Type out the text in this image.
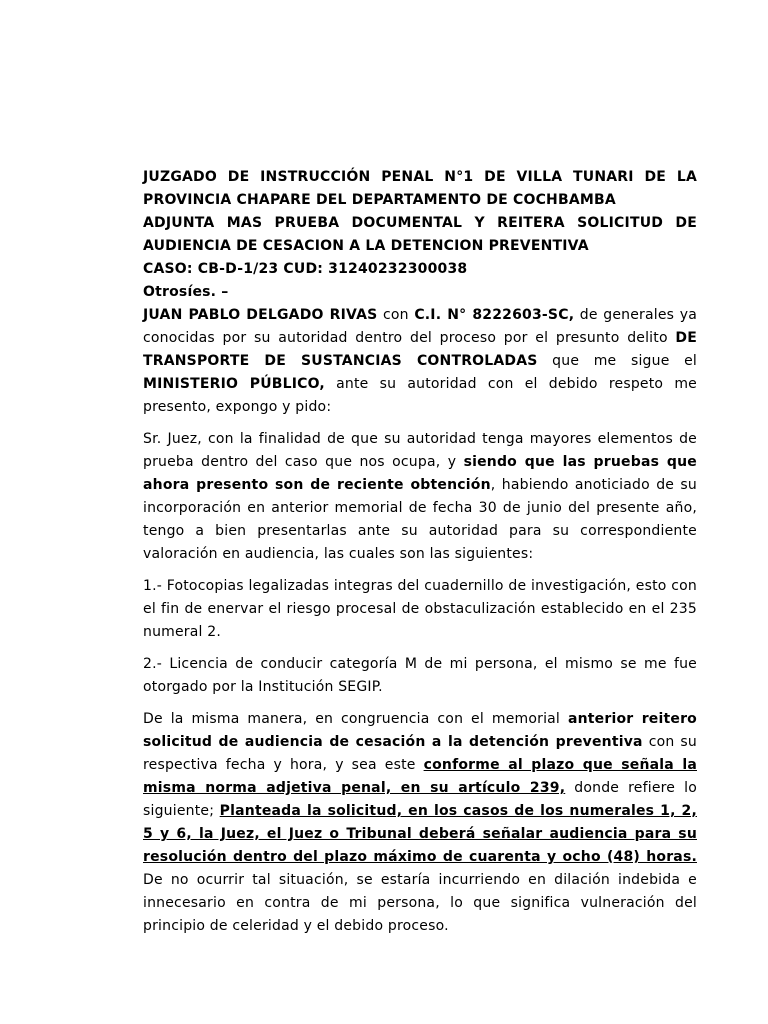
JUZGADO DE INSTRUCCIÓN PENAL N°1 DE VILLA TUNARI DE LA PROVINCIA CHAPARE DEL DEPARTAMENTO DE COCHBAMBA

ADJUNTA MAS PRUEBA DOCUMENTAL Y REITERA SOLICITUD DE AUDIENCIA DE CESACION A LA DETENCION PREVENTIVA

CASO: CB-D-1/23 CUD: 31240232300038
Otrosíes. –

JUAN PABLO DELGADO RIVAS con C.I. N° 8222603-SC, de generales ya conocidas por su autoridad dentro del proceso por el presunto delito DE TRANSPORTE DE SUSTANCIAS CONTROLADAS que me sigue el MINISTERIO PÚBLICO, ante su autoridad con el debido respeto me presento, expongo y pido:

Sr. Juez, con la finalidad de que su autoridad tenga mayores elementos de prueba dentro del caso que nos ocupa, y siendo que las pruebas que ahora presento son de reciente obtención, habiendo anoticiado de su incorporación en anterior memorial de fecha 30 de junio del presente año, tengo a bien presentarlas ante su autoridad para su correspondiente valoración en audiencia, las cuales son las siguientes:

1.- Fotocopias legalizadas integras del cuadernillo de investigación, esto con el fin de enervar el riesgo procesal de obstaculización establecido en el 235 numeral 2.

2.- Licencia de conducir categoría M de mi persona, el mismo se me fue otorgado por la Institución SEGIP.

De la misma manera, en congruencia con el memorial anterior reitero solicitud de audiencia de cesación a la detención preventiva con su respectiva fecha y hora, y sea este conforme al plazo que señala la misma norma adjetiva penal, en su artículo 239, donde refiere lo siguiente; Planteada la solicitud, en los casos de los numerales 1, 2, 5 y 6, la Juez, el Juez o Tribunal deberá señalar audiencia para su resolución dentro del plazo máximo de cuarenta y ocho (48) horas. De no ocurrir tal situación, se estaría incurriendo en dilación indebida e innecesario en contra de mi persona, lo que significa vulneración del principio de celeridad y el debido proceso.
